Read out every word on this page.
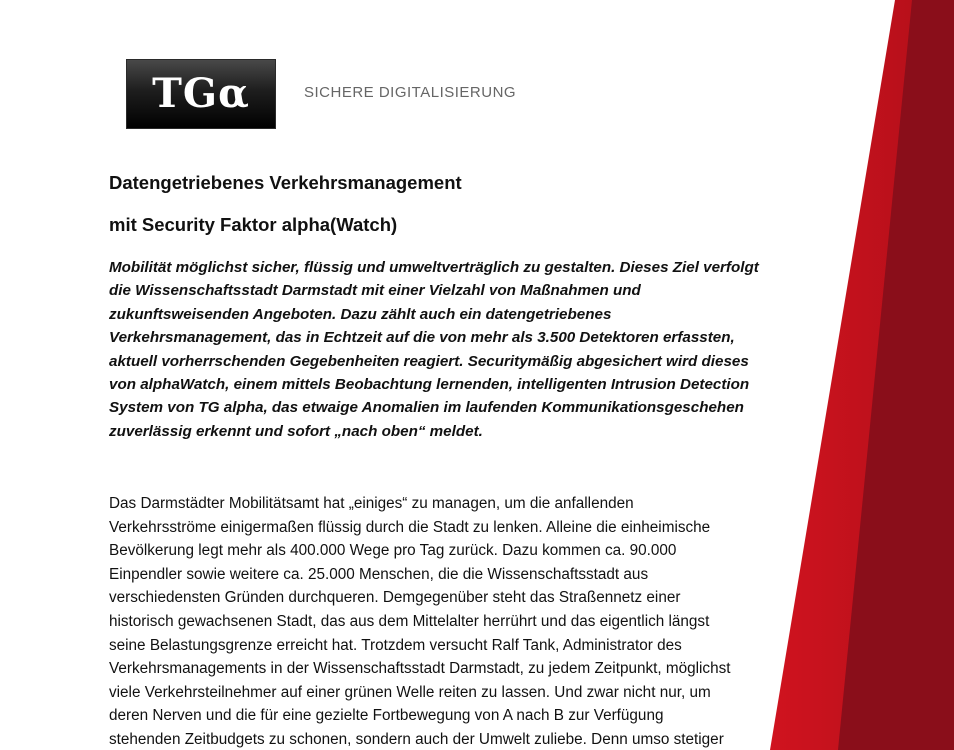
TGα	SICHERE DIGITALISIERUNG
Datengetriebenes Verkehrsmanagement
mit Security Faktor alpha(Watch)
Mobilität möglichst sicher, flüssig und umweltverträglich zu gestalten. Dieses Ziel verfolgt
die Wissenschaftsstadt Darmstadt mit einer Vielzahl von Maßnahmen und
zukunftsweisenden Angeboten. Dazu zählt auch ein datengetriebenes
Verkehrsmanagement, das in Echtzeit auf die von mehr als 3.500 Detektoren erfassten,
aktuell vorherrschenden Gegebenheiten reagiert. Securitymäßig abgesichert wird dieses
von alphaWatch, einem mittels Beobachtung lernenden, intelligenten Intrusion Detection
System von TG alpha, das etwaige Anomalien im laufenden Kommunikationsgeschehen
zuverlässig erkennt und sofort „nach oben“ meldet.
Das Darmstädter Mobilitätsamt hat „einiges“ zu managen, um die anfallenden
Verkehrsströme einigermaßen flüssig durch die Stadt zu lenken. Alleine die einheimische
Bevölkerung legt mehr als 400.000 Wege pro Tag zurück. Dazu kommen ca. 90.000
Einpendler sowie weitere ca. 25.000 Menschen, die die Wissenschaftsstadt aus
verschiedensten Gründen durchqueren. Demgegenüber steht das Straßennetz einer
historisch gewachsenen Stadt, das aus dem Mittelalter herrührt und das eigentlich längst
seine Belastungsgrenze erreicht hat. Trotzdem versucht Ralf Tank, Administrator des
Verkehrsmanagements in der Wissenschaftsstadt Darmstadt, zu jedem Zeitpunkt, möglichst
viele Verkehrsteilnehmer auf einer grünen Welle reiten zu lassen. Und zwar nicht nur, um
deren Nerven und die für eine gezielte Fortbewegung von A nach B zur Verfügung
stehenden Zeitbudgets zu schonen, sondern auch der Umwelt zuliebe. Denn umso stetiger
